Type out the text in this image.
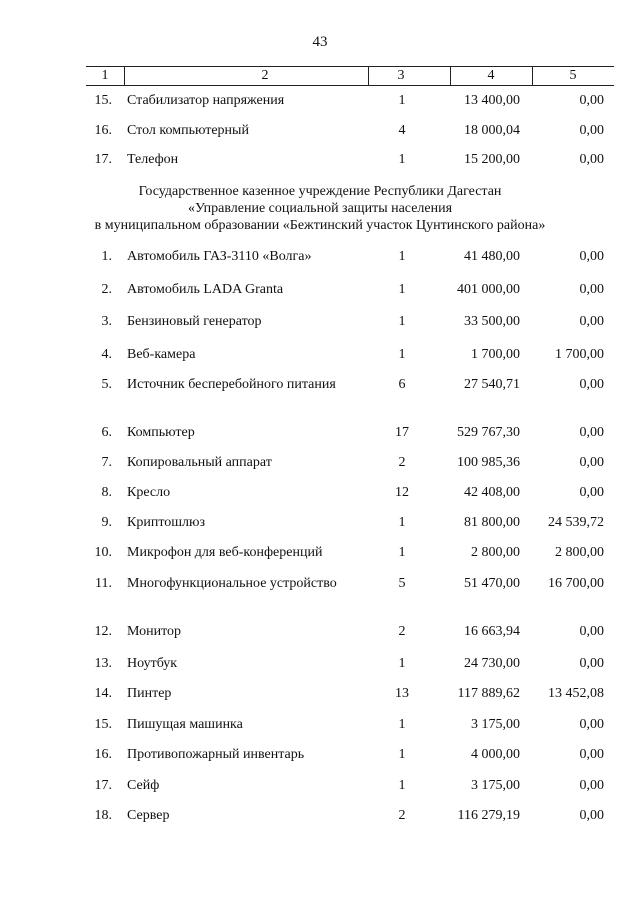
43
1	2	3	4	5
15. Стабилизатор напряжения	1	13 400,00	0,00
16. Стол компьютерный	4	18 000,04	0,00
17. Телефон	1	15 200,00	0,00
Государственное казенное учреждение Республики Дагестан
«Управление социальной защиты населения
в муниципальном образовании «Бежтинский участок Цунтинского района»
1. Автомобиль ГАЗ-3110 «Волга»	1	41 480,00	0,00
2. Автомобиль LADA Granta	1	401 000,00	0,00
3. Бензиновый генератор	1	33 500,00	0,00
4. Веб-камера	1	1 700,00	1 700,00
5. Источник бесперебойного питания	6	27 540,71	0,00
6. Компьютер	17	529 767,30	0,00
7. Копировальный аппарат	2	100 985,36	0,00
8. Кресло	12	42 408,00	0,00
9. Криптошлюз	1	81 800,00	24 539,72
10. Микрофон для веб-конференций	1	2 800,00	2 800,00
11. Многофункциональное устройство	5	51 470,00	16 700,00
12. Монитор	2	16 663,94	0,00
13. Ноутбук	1	24 730,00	0,00
14. Пинтер	13	117 889,62	13 452,08
15. Пишущая машинка	1	3 175,00	0,00
16. Противопожарный инвентарь	1	4 000,00	0,00
17. Сейф	1	3 175,00	0,00
18. Сервер	2	116 279,19	0,00
